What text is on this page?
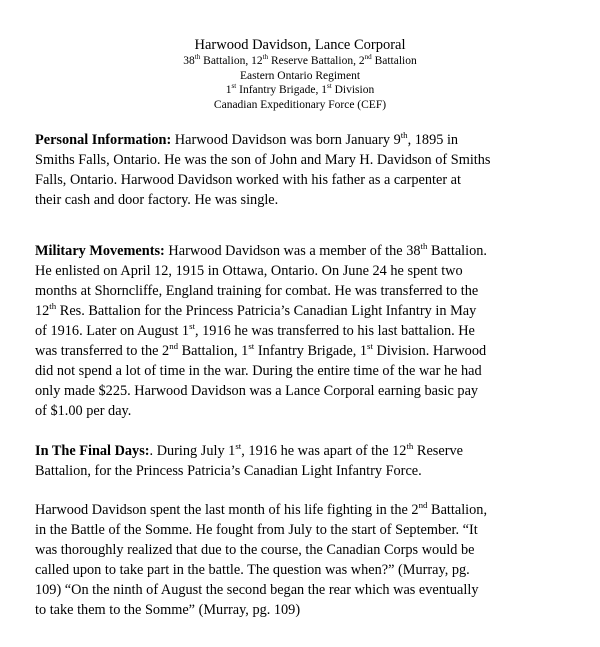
Harwood Davidson, Lance Corporal
38th Battalion, 12th Reserve Battalion, 2nd Battalion
Eastern Ontario Regiment
1st Infantry Brigade, 1st Division
Canadian Expeditionary Force (CEF)
Personal Information: Harwood Davidson was born January 9th, 1895 in
Smiths Falls, Ontario. He was the son of John and Mary H. Davidson of Smiths
Falls, Ontario. Harwood Davidson worked with his father as a carpenter at
their cash and door factory. He was single.
Military Movements: Harwood Davidson was a member of the 38th Battalion.
He enlisted on April 12, 1915 in Ottawa, Ontario. On June 24 he spent two
months at Shorncliffe, England training for combat. He was transferred to the
12th Res. Battalion for the Princess Patricia’s Canadian Light Infantry in May
of 1916. Later on August 1st, 1916 he was transferred to his last battalion. He
was transferred to the 2nd Battalion, 1st Infantry Brigade, 1st Division. Harwood
did not spend a lot of time in the war. During the entire time of the war he had
only made $225. Harwood Davidson was a Lance Corporal earning basic pay
of $1.00 per day.
In The Final Days:. During July 1st, 1916 he was apart of the 12th Reserve
Battalion, for the Princess Patricia’s Canadian Light Infantry Force.
Harwood Davidson spent the last month of his life fighting in the 2nd Battalion,
in the Battle of the Somme. He fought from July to the start of September. “It
was thoroughly realized that due to the course, the Canadian Corps would be
called upon to take part in the battle. The question was when?” (Murray, pg.
109) “On the ninth of August the second began the rear which was eventually
to take them to the Somme” (Murray, pg. 109)
